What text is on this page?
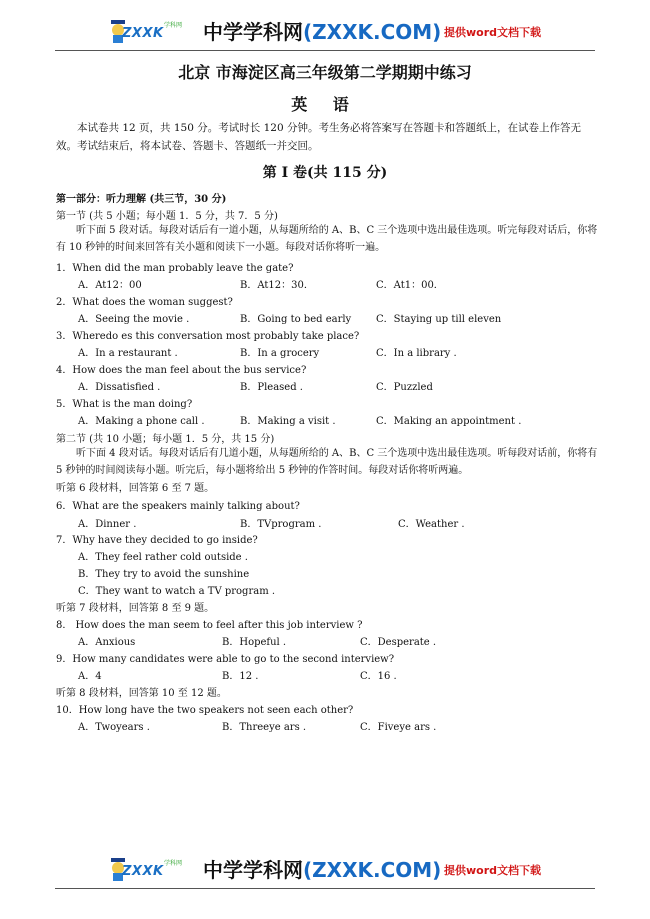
ZXXK
学科网 中学学科网(ZXXK.COM) 提供word文档下载
北京 市海淀区高三年级第二学期期中练习
英 语

本试卷共 12 页，共 150 分。考试时长 120 分钟。考生务必将答案写在答题卡和答题纸上，在试卷上作答无效。考试结束后，将本试卷、答题卡、答题纸一并交回。

第 I 卷(共 115 分)
第一部分：听力理解 (共三节，30 分)
第一节 (共 5 小题；每小题 1．5 分，共 7．5 分)

听下面 5 段对话。每段对话后有一道小题，从每题所给的 A、B、C 三个选项中选出最佳选项。听完每段对话后，你将有 10 秒钟的时间来回答有关小题和阅读下一小题。每段对话你将听一遍。

1．When did the man probably leave the gate?
A．At12：00	B．At12：30．	C．At1：00．
2．What does the woman suggest?
A．Seeing the movie .	B．Going to bed early C．Staying up till eleven
3．Wheredo es this conversation most probably take place?
A．In a restaurant .	B．In a grocery	C．In a library .
4．How does the man feel about the bus service?
A．Dissatisfied .	B．Pleased .	C．Puzzled
5．What is the man doing?
A．Making a phone call .	B．Making a visit .	C．Making an appointment .
第二节 (共 10 小题；每小题 1．5 分，共 15 分)

听下面 4 段对话。每段对话后有几道小题，从每题所给的 A、B、C 三个选项中选出最佳选项。听每段对话前，你将有 5 秒钟的时间阅读每小题。听完后，每小题将给出 5 秒钟的作答时间。每段对话你将听两遍。

听第 6 段材料，回答第 6 至 7 题。
6．What are the speakers mainly talking about?
A．Dinner .	B．TVprogram .	C．Weather .
7．Why have they decided to go inside?
A．They feel rather cold outside .
B．They try to avoid the sunshine
C．They want to watch a TV program .
听第 7 段材料，回答第 8 至 9 题。
8． How does the man seem to feel after this job interview ?
A．Anxious	B．Hopeful .	C．Desperate .
9．How many candidates were able to go to the second interview?
A．4	B．12 .	C．16 .
听第 8 段材料，回答第 10 至 12 题。
10．How long have the two speakers not seen each other?
A．Twoyears .	B．Threeye ars .	C．Fiveye ars .
ZXXK
学科网 中学学科网(ZXXK.COM) 提供word文档下载
